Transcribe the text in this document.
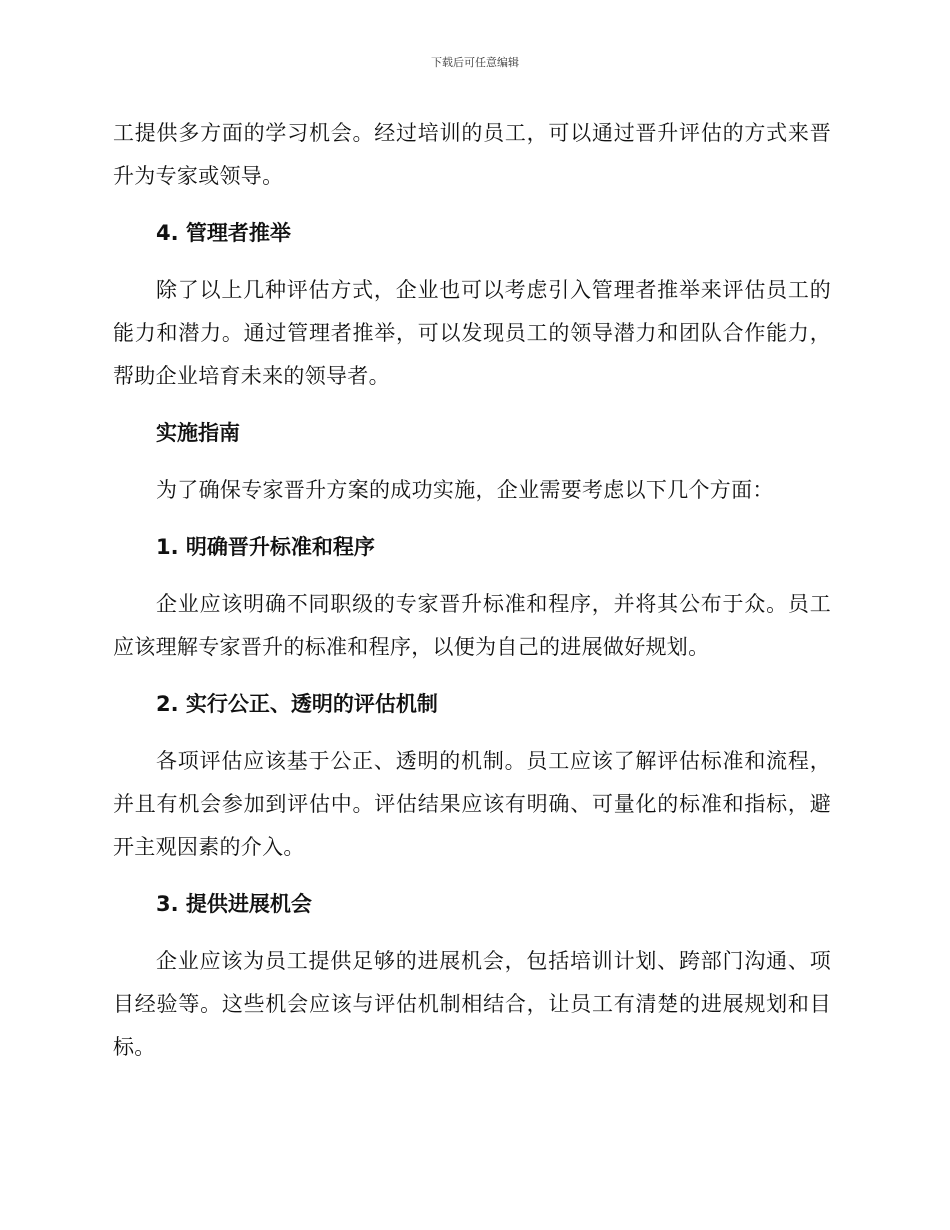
下载后可任意编辑

工提供多方面的学习机会。经过培训的员工，可以通过晋升评估的方式来晋升为专家或领导。

4. 管理者推举

除了以上几种评估方式，企业也可以考虑引入管理者推举来评估员工的能力和潜力。通过管理者推举，可以发现员工的领导潜力和团队合作能力，帮助企业培育未来的领导者。

实施指南

为了确保专家晋升方案的成功实施，企业需要考虑以下几个方面：

1. 明确晋升标准和程序

企业应该明确不同职级的专家晋升标准和程序，并将其公布于众。员工应该理解专家晋升的标准和程序，以便为自己的进展做好规划。

2. 实行公正、透明的评估机制

各项评估应该基于公正、透明的机制。员工应该了解评估标准和流程，并且有机会参加到评估中。评估结果应该有明确、可量化的标准和指标，避开主观因素的介入。

3. 提供进展机会

企业应该为员工提供足够的进展机会，包括培训计划、跨部门沟通、项目经验等。这些机会应该与评估机制相结合，让员工有清楚的进展规划和目标。
